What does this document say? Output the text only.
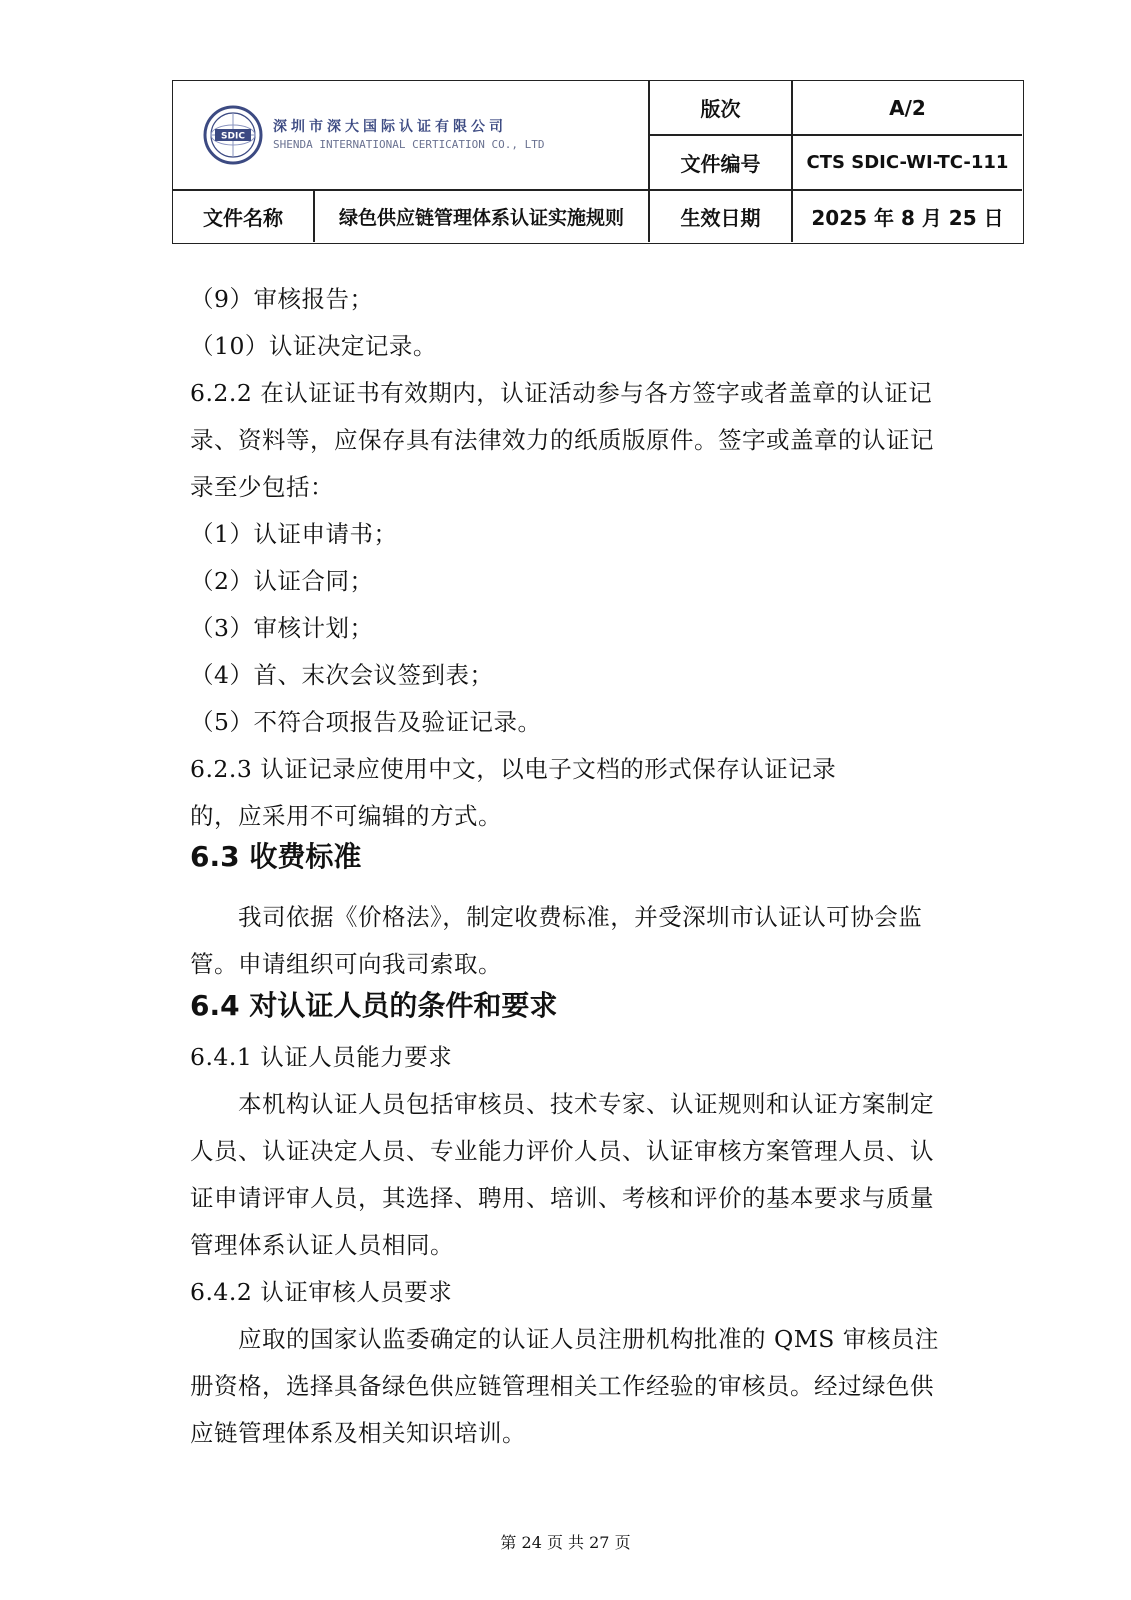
SDIC
深圳市深大国际认证有限公司
SHENDA INTERNATIONAL CERTICATION CO., LTD
版次	A/2
文件编号	CTS SDIC-WI-TC-111
文件名称	绿色供应链管理体系认证实施规则	生效日期	2025 年 8 月 25 日
（9）审核报告；
（10）认证决定记录。
6.2.2 在认证证书有效期内，认证活动参与各方签字或者盖章的认证记
录、资料等，应保存具有法律效力的纸质版原件。签字或盖章的认证记
录至少包括：
（1）认证申请书；
（2）认证合同；
（3）审核计划；
（4）首、末次会议签到表；
（5）不符合项报告及验证记录。
6.2.3 认证记录应使用中文，以电子文档的形式保存认证记录
的，应采用不可编辑的方式。
6.3 收费标准
我司依据《价格法》，制定收费标准，并受深圳市认证认可协会监
管。申请组织可向我司索取。
6.4 对认证人员的条件和要求
6.4.1 认证人员能力要求
本机构认证人员包括审核员、技术专家、认证规则和认证方案制定
人员、认证决定人员、专业能力评价人员、认证审核方案管理人员、认
证申请评审人员，其选择、聘用、培训、考核和评价的基本要求与质量
管理体系认证人员相同。
6.4.2 认证审核人员要求
应取的国家认监委确定的认证人员注册机构批准的 QMS 审核员注
册资格，选择具备绿色供应链管理相关工作经验的审核员。经过绿色供
应链管理体系及相关知识培训。
第 24 页 共 27 页
